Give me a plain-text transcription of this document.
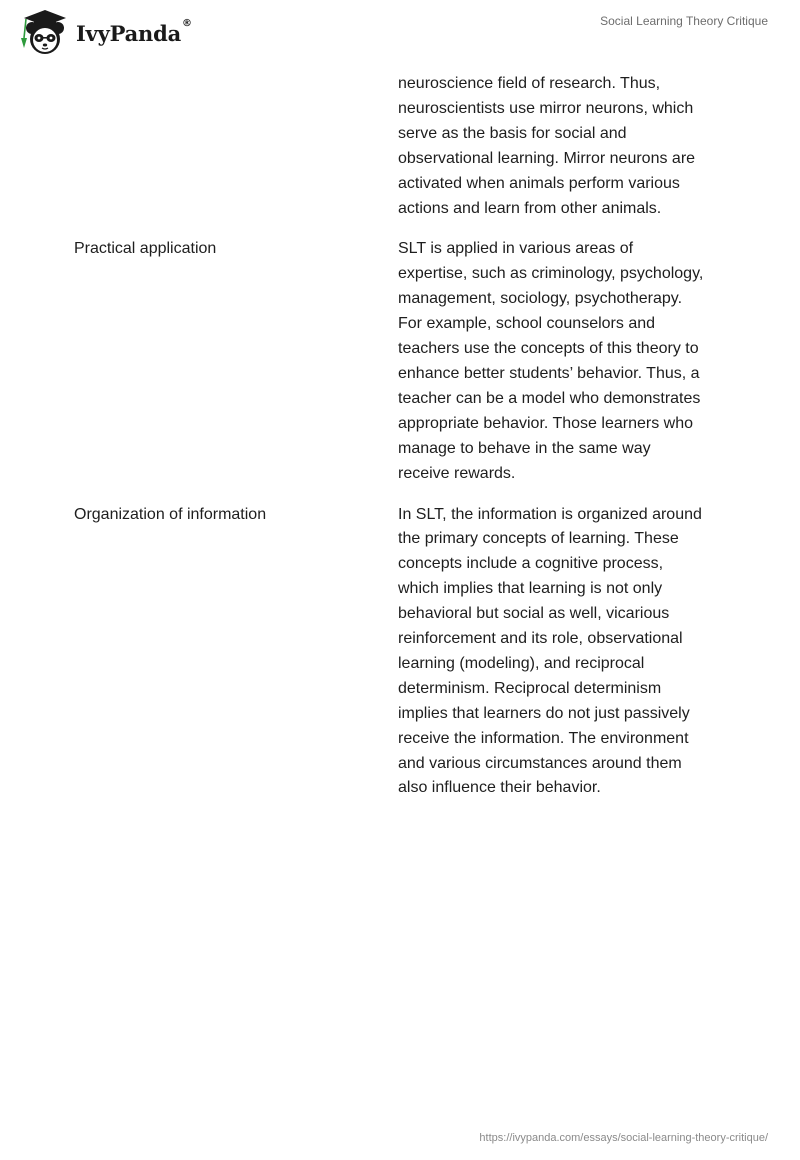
IvyPanda ®	Social Learning Theory Critique
neuroscience field of research. Thus, neuroscientists use mirror neurons, which serve as the basis for social and observational learning. Mirror neurons are activated when animals perform various actions and learn from other animals.
Practical application	SLT is applied in various areas of expertise, such as criminology, psychology, management, sociology, psychotherapy. For example, school counselors and teachers use the concepts of this theory to enhance better students’ behavior. Thus, a teacher can be a model who demonstrates appropriate behavior. Those learners who manage to behave in the same way receive rewards.
Organization of information	In SLT, the information is organized around the primary concepts of learning. These concepts include a cognitive process, which implies that learning is not only behavioral but social as well, vicarious reinforcement and its role, observational learning (modeling), and reciprocal determinism. Reciprocal determinism implies that learners do not just passively receive the information. The environment and various circumstances around them also influence their behavior.
https://ivypanda.com/essays/social-learning-theory-critique/
